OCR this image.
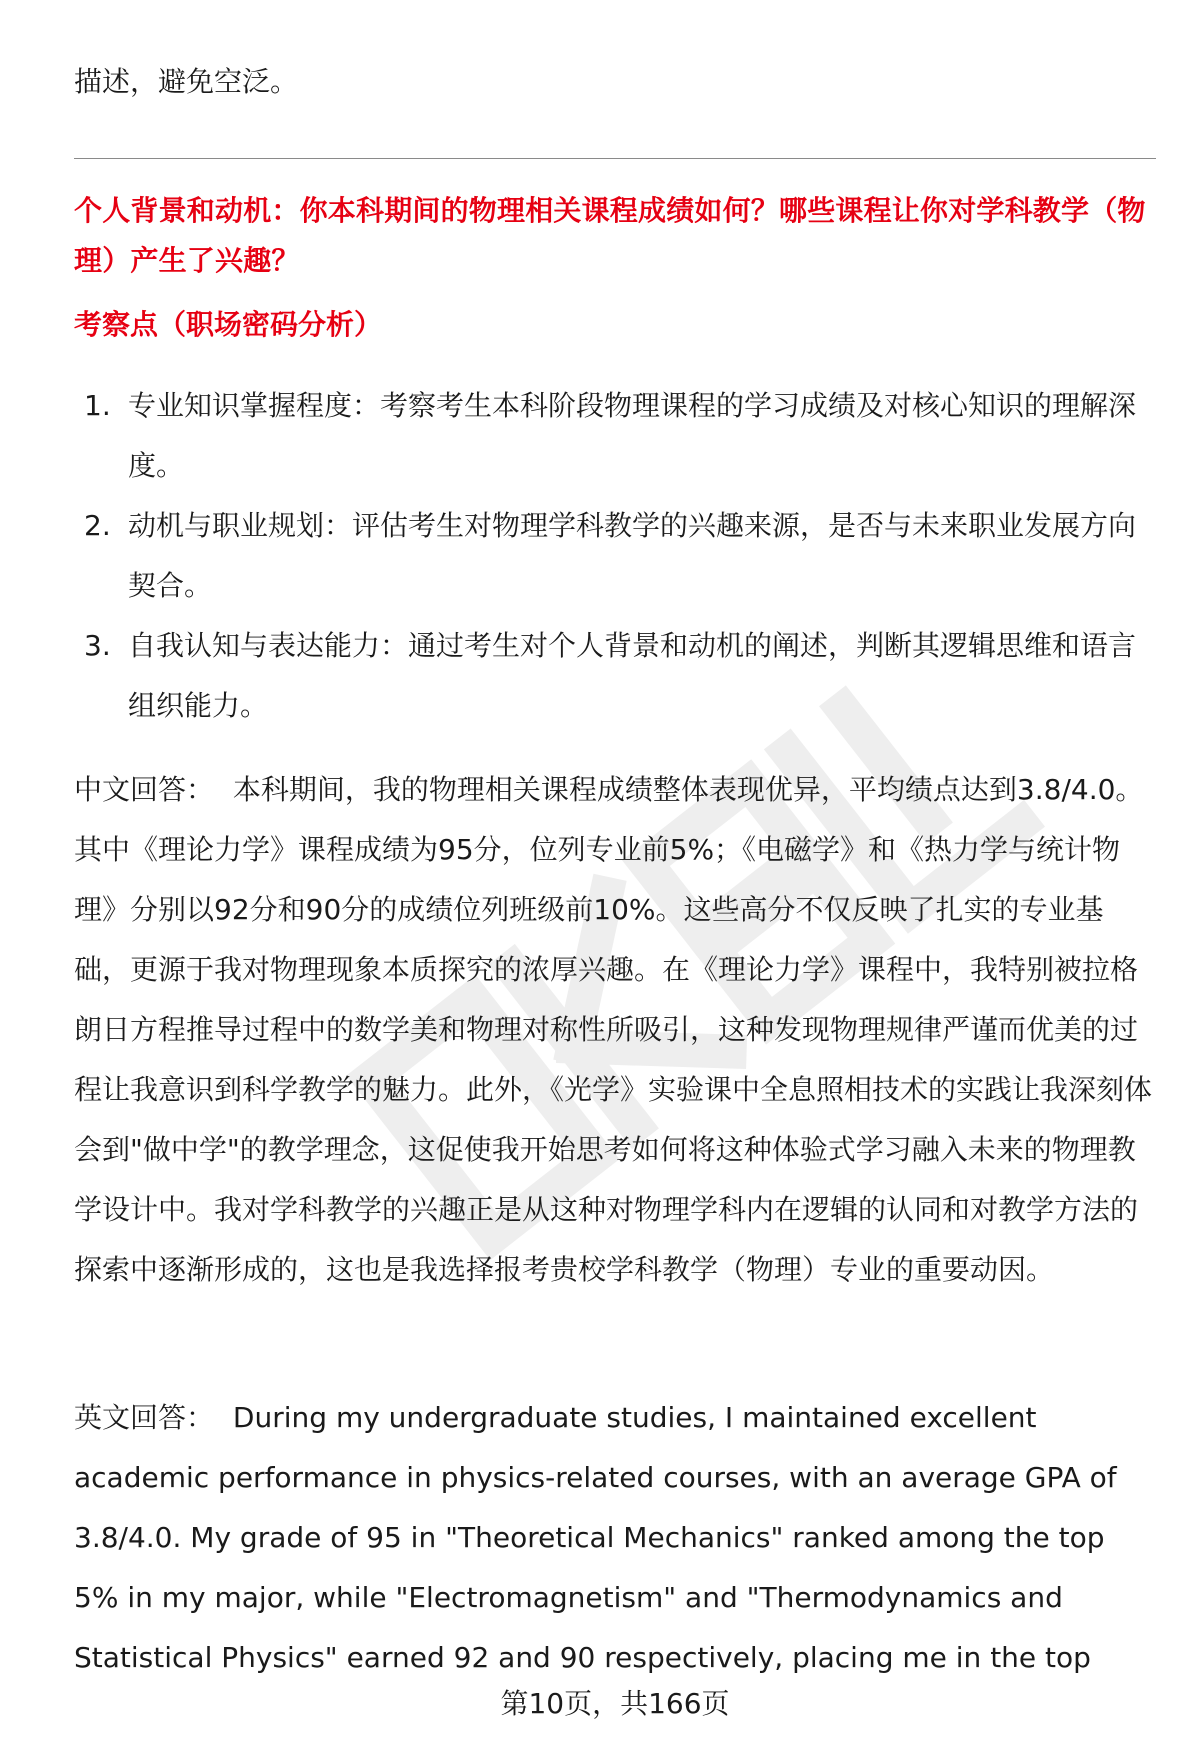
描述，避免空泛。
个人背景和动机：你本科期间的物理相关课程成绩如何？哪些课程让你对学科教学（物理）产生了兴趣？
考察点（职场密码分析）
1. 专业知识掌握程度：考察考生本科阶段物理课程的学习成绩及对核心知识的理解深度。
2. 动机与职业规划：评估考生对物理学科教学的兴趣来源，是否与未来职业发展方向契合。
3. 自我认知与表达能力：通过考生对个人背景和动机的阐述，判断其逻辑思维和语言组织能力。
中文回答： 本科期间，我的物理相关课程成绩整体表现优异，平均绩点达到3.8/4.0。其中《理论力学》课程成绩为95分，位列专业前5%；《电磁学》和《热力学与统计物理》分别以92分和90分的成绩位列班级前10%。这些高分不仅反映了扎实的专业基础，更源于我对物理现象本质探究的浓厚兴趣。在《理论力学》课程中，我特别被拉格朗日方程推导过程中的数学美和物理对称性所吸引，这种发现物理规律严谨而优美的过程让我意识到科学教学的魅力。此外，《光学》实验课中全息照相技术的实践让我深刻体会到"做中学"的教学理念，这促使我开始思考如何将这种体验式学习融入未来的物理教学设计中。我对学科教学的兴趣正是从这种对物理学科内在逻辑的认同和对教学方法的探索中逐渐形成的，这也是我选择报考贵校学科教学（物理）专业的重要动因。
英文回答： During my undergraduate studies, I maintained excellent academic performance in physics-related courses, with an average GPA of 3.8/4.0. My grade of 95 in "Theoretical Mechanics" ranked among the top 5% in my major, while "Electromagnetism" and "Thermodynamics and Statistical Physics" earned 92 and 90 respectively, placing me in the top
第10页，共166页
